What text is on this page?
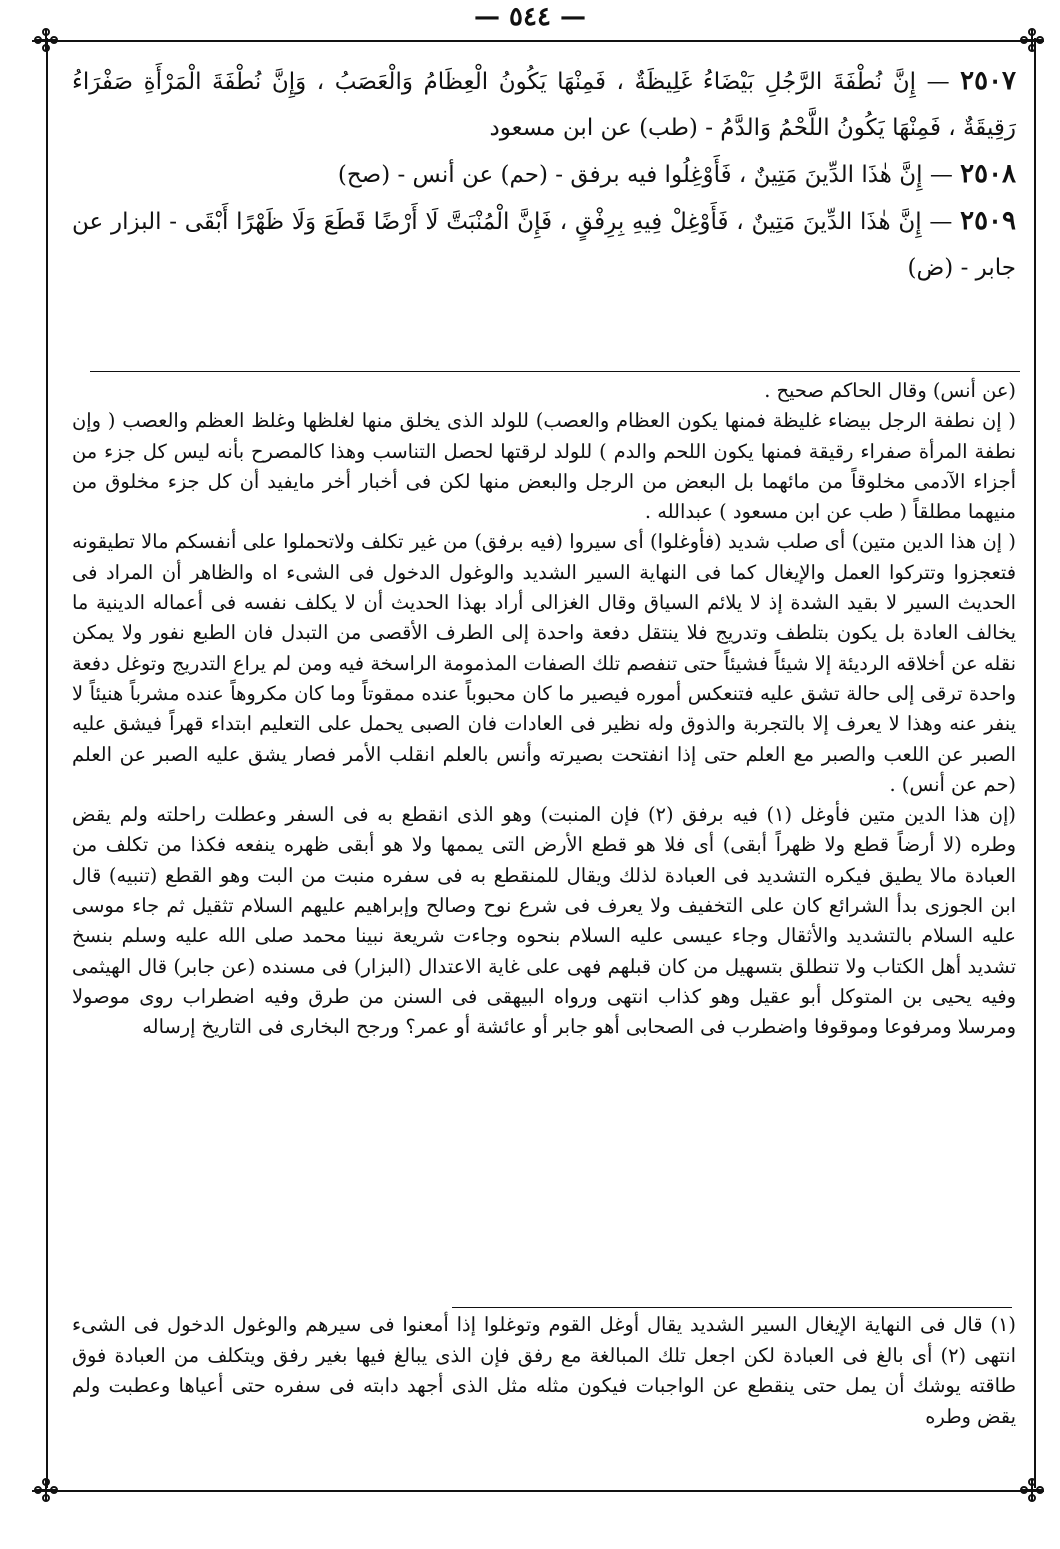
— ٥٤٤ —

٢٥٠٧ — إِنَّ نُطْفَةَ الرَّجُلِ بَيْضَاءُ غَلِيظَةٌ ، فَمِنْهَا يَكُونُ الْعِظَامُ وَالْعَصَبُ ، وَإِنَّ نُطْفَةَ الْمَرْأَةِ صَفْرَاءُ رَقِيقَةٌ ، فَمِنْهَا يَكُونُ اللَّحْمُ وَالدَّمُ - (طب) عن ابن مسعود

٢٥٠٨ — إِنَّ هٰذَا الدِّينَ مَتِينٌ ، فَأَوْغِلُوا فيه برفق - (حم) عن أنس - (صح)

٢٥٠٩ — إِنَّ هٰذَا الدِّينَ مَتِينٌ ، فَأَوْغِلْ فِيهِ بِرِفْقٍ ، فَإِنَّ الْمُنْبَتَّ لَا أَرْضًا قَطَعَ وَلَا ظَهْرًا أَبْقَى - البزار عن جابر - (ض)

(عن أنس) وقال الحاكم صحيح .

( إن نطفة الرجل بيضاء غليظة فمنها يكون العظام والعصب) للولد الذى يخلق منها لغلظها وغلظ العظم والعصب ( وإن نطفة المرأة صفراء رقيقة فمنها يكون اللحم والدم ) للولد لرقتها لحصل التناسب وهذا كالمصرح بأنه ليس كل جزء من أجزاء الآدمى مخلوقاً من مائهما بل البعض من الرجل والبعض منها لكن فى أخبار أخر مايفيد أن كل جزء مخلوق من منيهما مطلقاً ( طب عن ابن مسعود ) عبدالله .

( إن هذا الدين متين) أى صلب شديد (فأوغلوا) أى سيروا (فيه برفق) من غير تكلف ولاتحملوا على أنفسكم مالا تطيقونه فتعجزوا وتتركوا العمل والإيغال كما فى النهاية السير الشديد والوغول الدخول فى الشىء اه والظاهر أن المراد فى الحديث السير لا بقيد الشدة إذ لا يلائم السياق وقال الغزالى أراد بهذا الحديث أن لا يكلف نفسه فى أعماله الدينية ما يخالف العادة بل يكون بتلطف وتدريج فلا ينتقل دفعة واحدة إلى الطرف الأقصى من التبدل فان الطبع نفور ولا يمكن نقله عن أخلاقه الرديئة إلا شيئاً فشيئاً حتى تنفصم تلك الصفات المذمومة الراسخة فيه ومن لم يراع التدريج وتوغل دفعة واحدة ترقى إلى حالة تشق عليه فتنعكس أموره فيصير ما كان محبوباً عنده ممقوتاً وما كان مكروهاً عنده مشرباً هنيئاً لا ينفر عنه وهذا لا يعرف إلا بالتجربة والذوق وله نظير فى العادات فان الصبى يحمل على التعليم ابتداء قهراً فيشق عليه الصبر عن اللعب والصبر مع العلم حتى إذا انفتحت بصيرته وأنس بالعلم انقلب الأمر فصار يشق عليه الصبر عن العلم (حم عن أنس) .

(إن هذا الدين متين فأوغل (١) فيه برفق (٢) فإن المنبت) وهو الذى انقطع به فى السفر وعطلت راحلته ولم يقض وطره (لا أرضاً قطع ولا ظهراً أبقى) أى فلا هو قطع الأرض التى يممها ولا هو أبقى ظهره ينفعه فكذا من تكلف من العبادة مالا يطيق فيكره التشديد فى العبادة لذلك ويقال للمنقطع به فى سفره منبت من البت وهو القطع (تنبيه) قال ابن الجوزى بدأ الشرائع كان على التخفيف ولا يعرف فى شرع نوح وصالح وإبراهيم عليهم السلام تثقيل ثم جاء موسى عليه السلام بالتشديد والأثقال وجاء عيسى عليه السلام بنحوه وجاءت شريعة نبينا محمد صلى الله عليه وسلم بنسخ تشديد أهل الكتاب ولا تنطلق بتسهيل من كان قبلهم فهى على غاية الاعتدال (البزار) فى مسنده (عن جابر) قال الهيثمى وفيه يحيى بن المتوكل أبو عقيل وهو كذاب انتهى ورواه البيهقى فى السنن من طرق وفيه اضطراب روى موصولا ومرسلا ومرفوعا وموقوفا واضطرب فى الصحابى أهو جابر أو عائشة أو عمر؟ ورجح البخارى فى التاريخ إرساله

(١) قال فى النهاية الإيغال السير الشديد يقال أوغل القوم وتوغلوا إذا أمعنوا فى سيرهم والوغول الدخول فى الشىء انتهى (٢) أى بالغ فى العبادة لكن اجعل تلك المبالغة مع رفق فإن الذى يبالغ فيها بغير رفق ويتكلف من العبادة فوق طاقته يوشك أن يمل حتى ينقطع عن الواجبات فيكون مثله مثل الذى أجهد دابته فى سفره حتى أعياها وعطبت ولم يقض وطره
